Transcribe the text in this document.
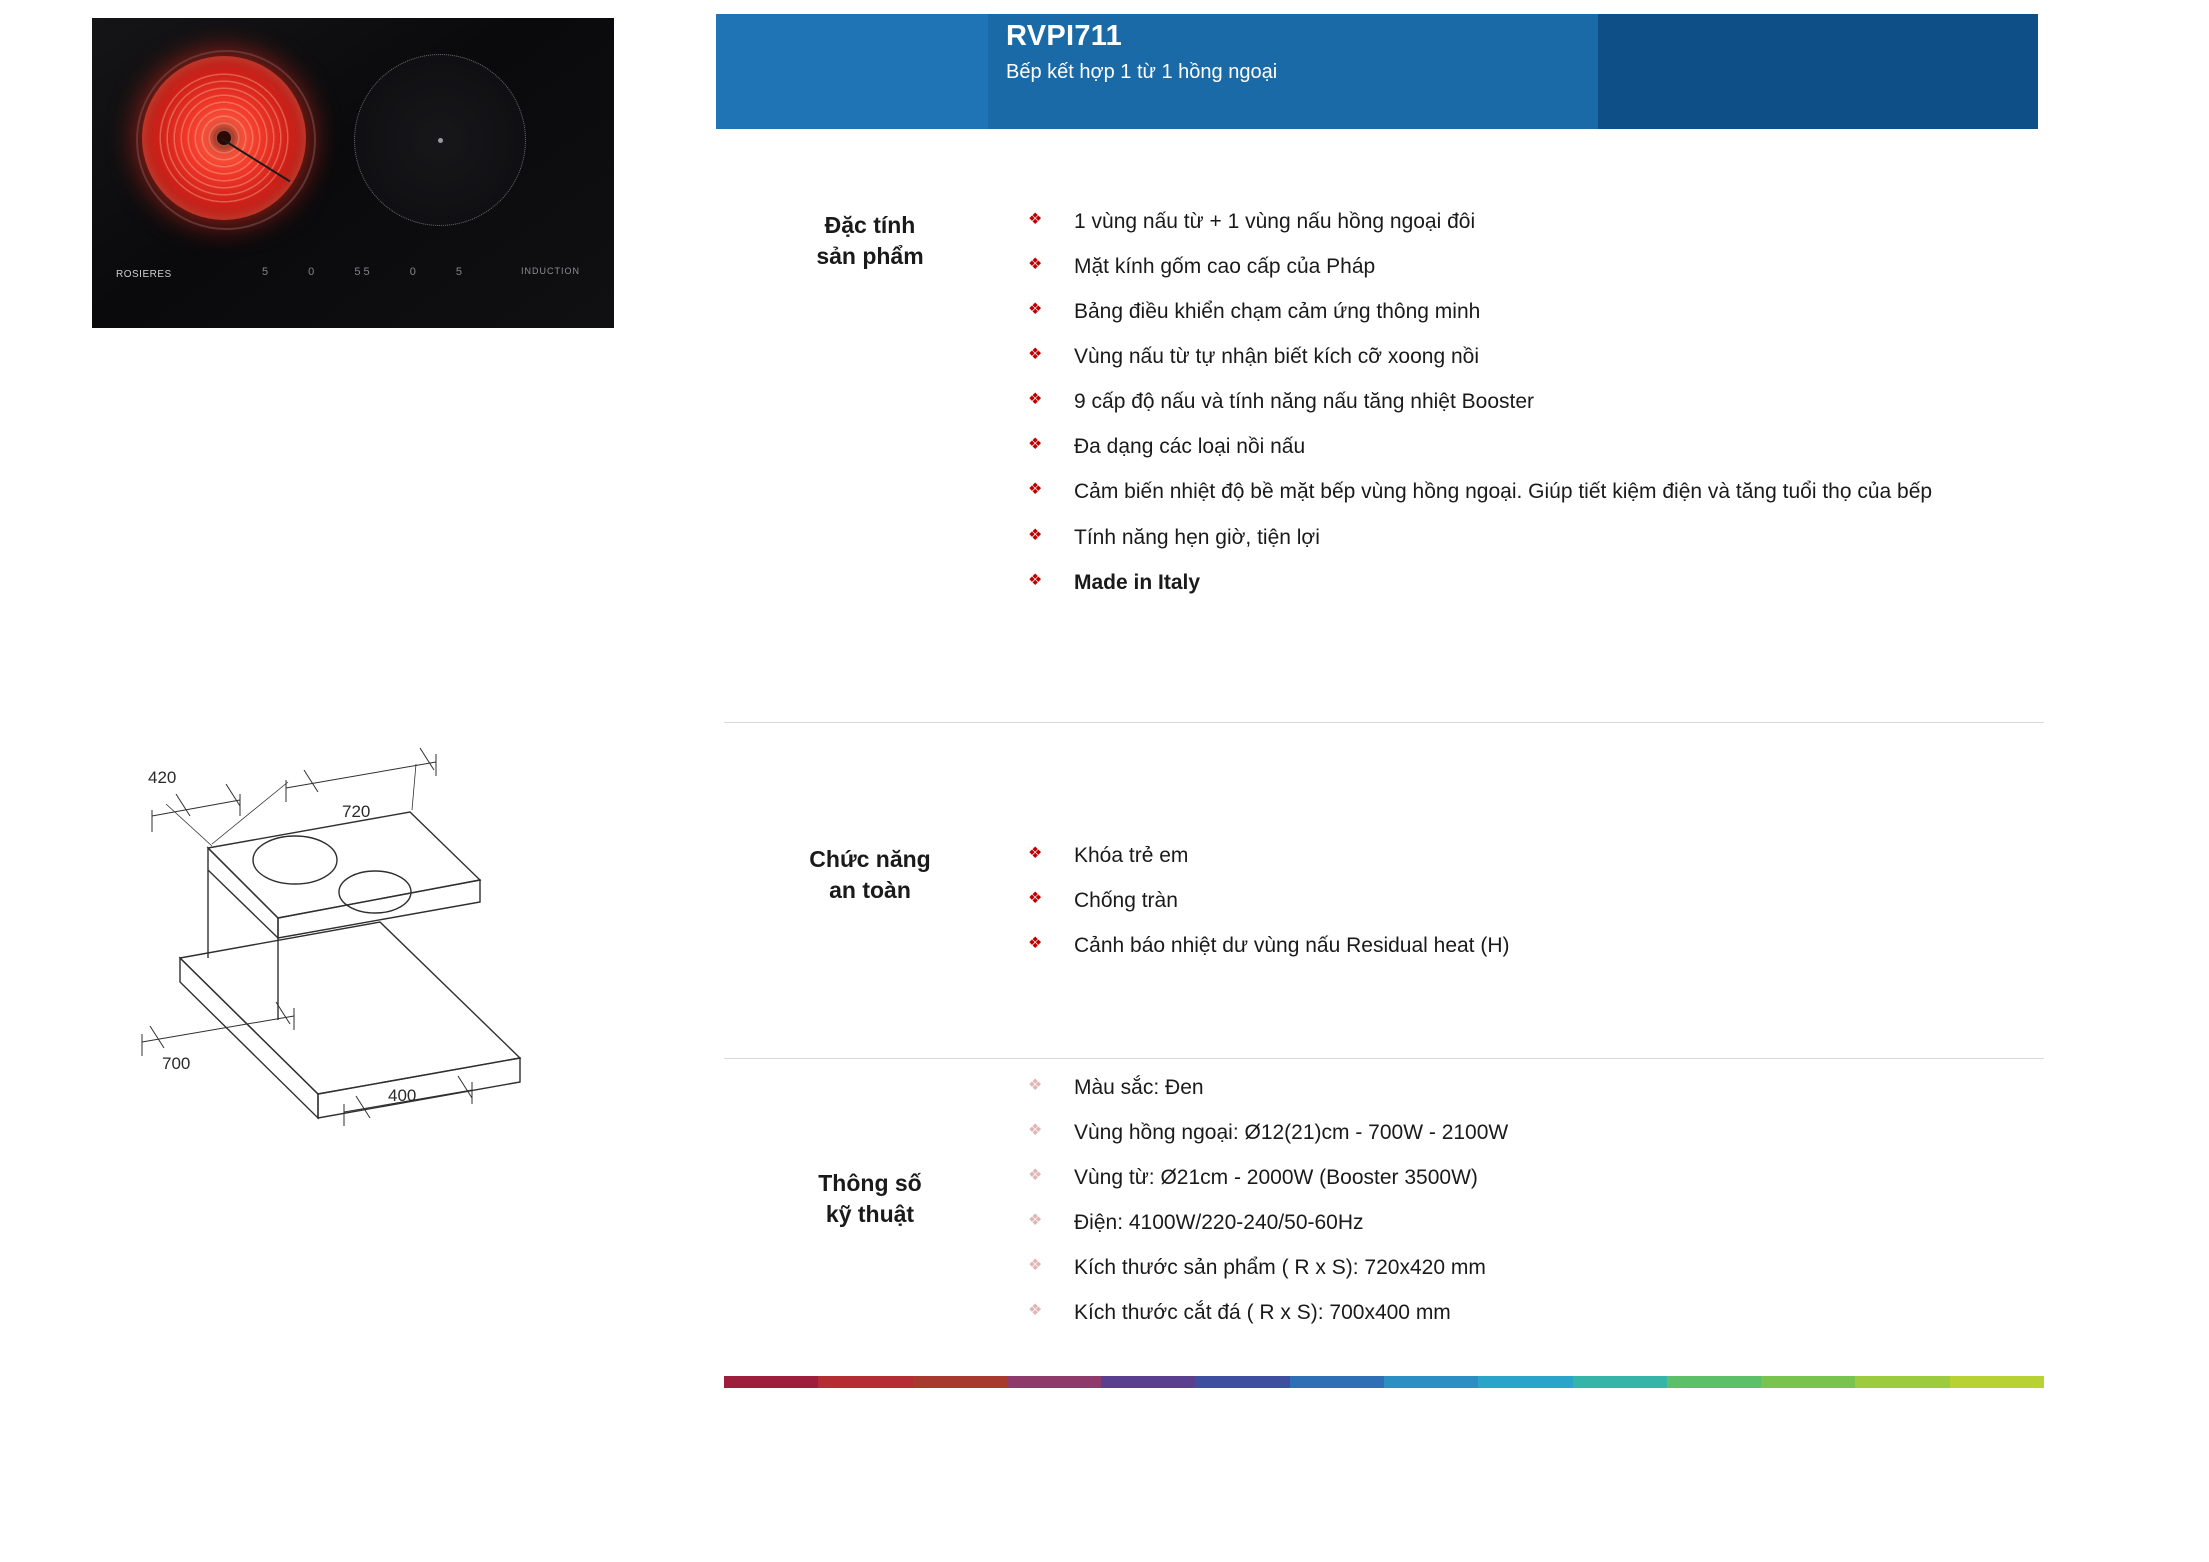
5	0	5 5	0	5
ROSIERES	INDUCTION
420
720
700
400
RVPI711
Bếp kết hợp 1 từ 1 hồng ngoại
Đặc tính
sản phẩm
❖	1 vùng nấu từ + 1 vùng nấu hồng ngoại đôi
❖	Mặt kính gốm cao cấp của Pháp
❖	Bảng điều khiển chạm cảm ứng thông minh
❖	Vùng nấu từ tự nhận biết kích cỡ xoong nồi
❖	9 cấp độ nấu và tính năng nấu tăng nhiệt Booster
❖	Đa dạng các loại nồi nấu
❖	Cảm biến nhiệt độ bề mặt bếp vùng hồng ngoại. Giúp tiết kiệm điện và tăng tuổi thọ của bếp
❖	Tính năng hẹn giờ, tiện lợi
❖	Made in Italy
Chức năng
an toàn
❖	Khóa trẻ em
❖	Chống tràn
❖	Cảnh báo nhiệt dư vùng nấu Residual heat (H)
Thông số
kỹ thuật
❖	Màu sắc: Đen
❖	Vùng hồng ngoại: Ø12(21)cm - 700W - 2100W
❖	Vùng từ: Ø21cm - 2000W (Booster 3500W)
❖	Điện: 4100W/220-240/50-60Hz
❖	Kích thước sản phẩm ( R x S): 720x420 mm
❖	Kích thước cắt đá ( R x S): 700x400 mm
